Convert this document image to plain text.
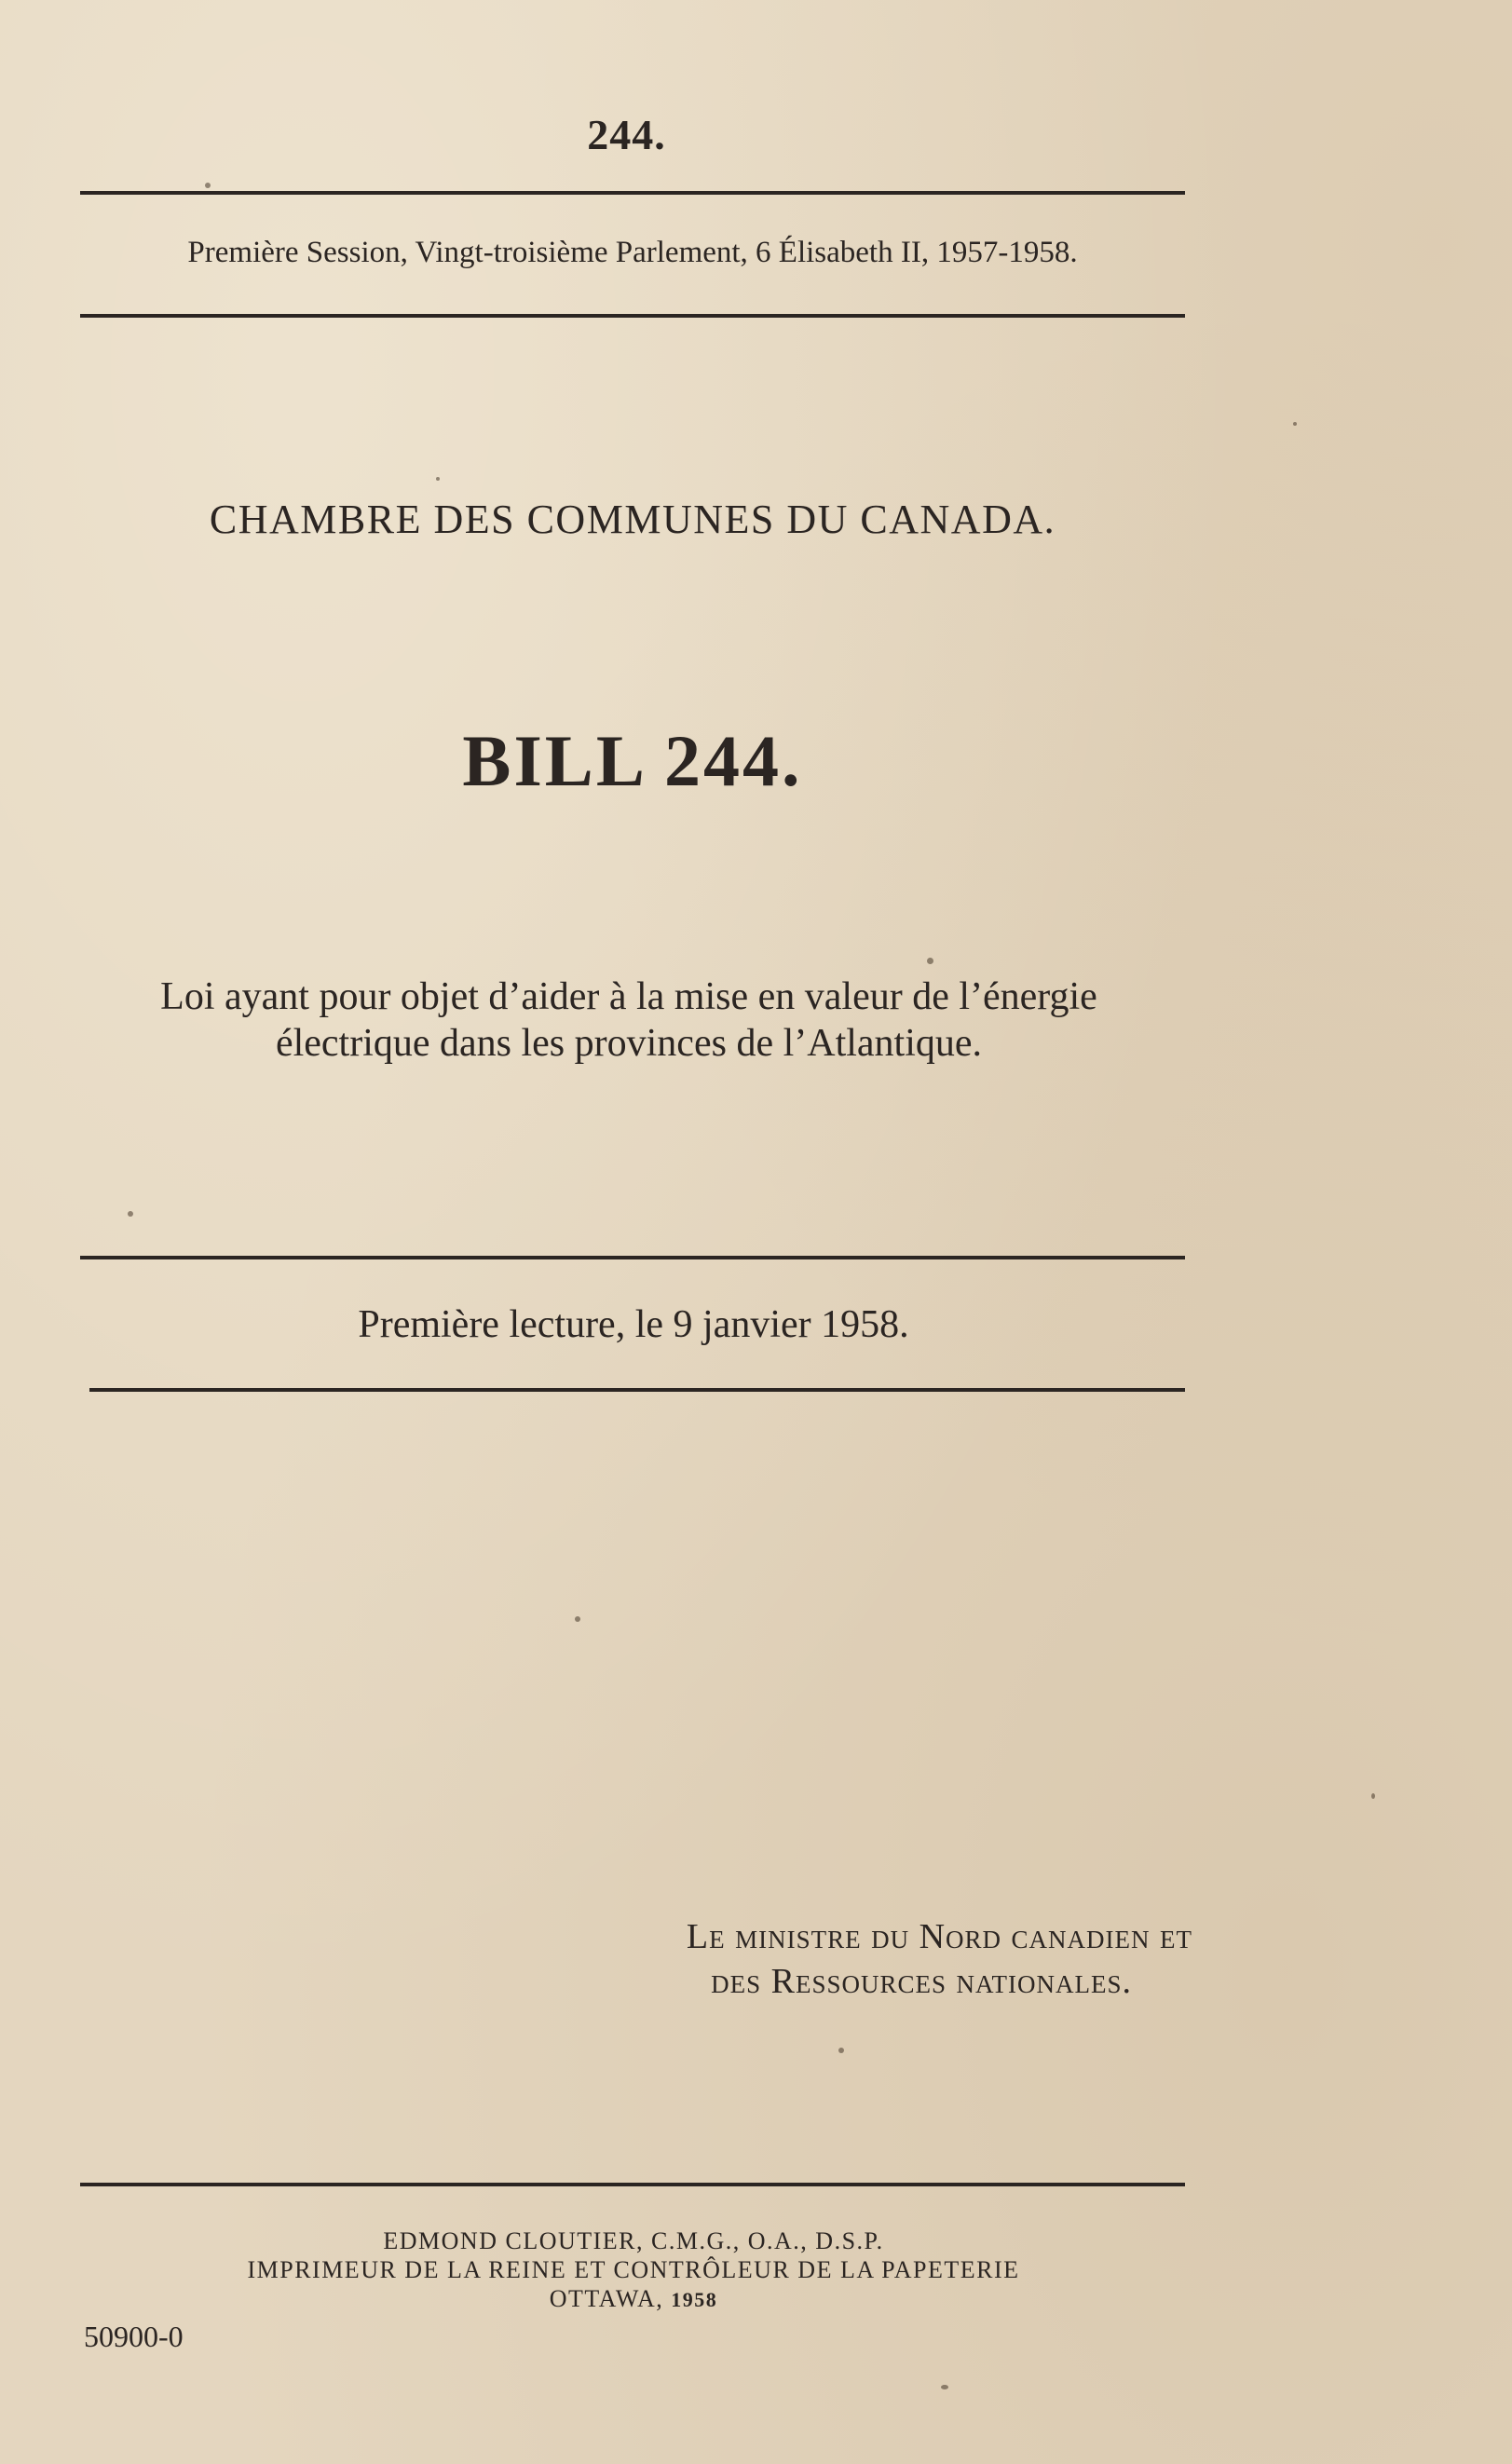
244.
Première Session, Vingt-troisième Parlement, 6 Élisabeth II, 1957-1958.
CHAMBRE DES COMMUNES DU CANADA.
BILL 244.
Loi ayant pour objet d’aider à la mise en valeur de l’énergie
électrique dans les provinces de l’Atlantique.
Première lecture, le 9 janvier 1958.
Le ministre du Nord canadien et
des Ressources nationales.
EDMOND CLOUTIER, C.M.G., O.A., D.S.P.
IMPRIMEUR DE LA REINE ET CONTRÔLEUR DE LA PAPETERIE
OTTAWA, 1958
50900-0
